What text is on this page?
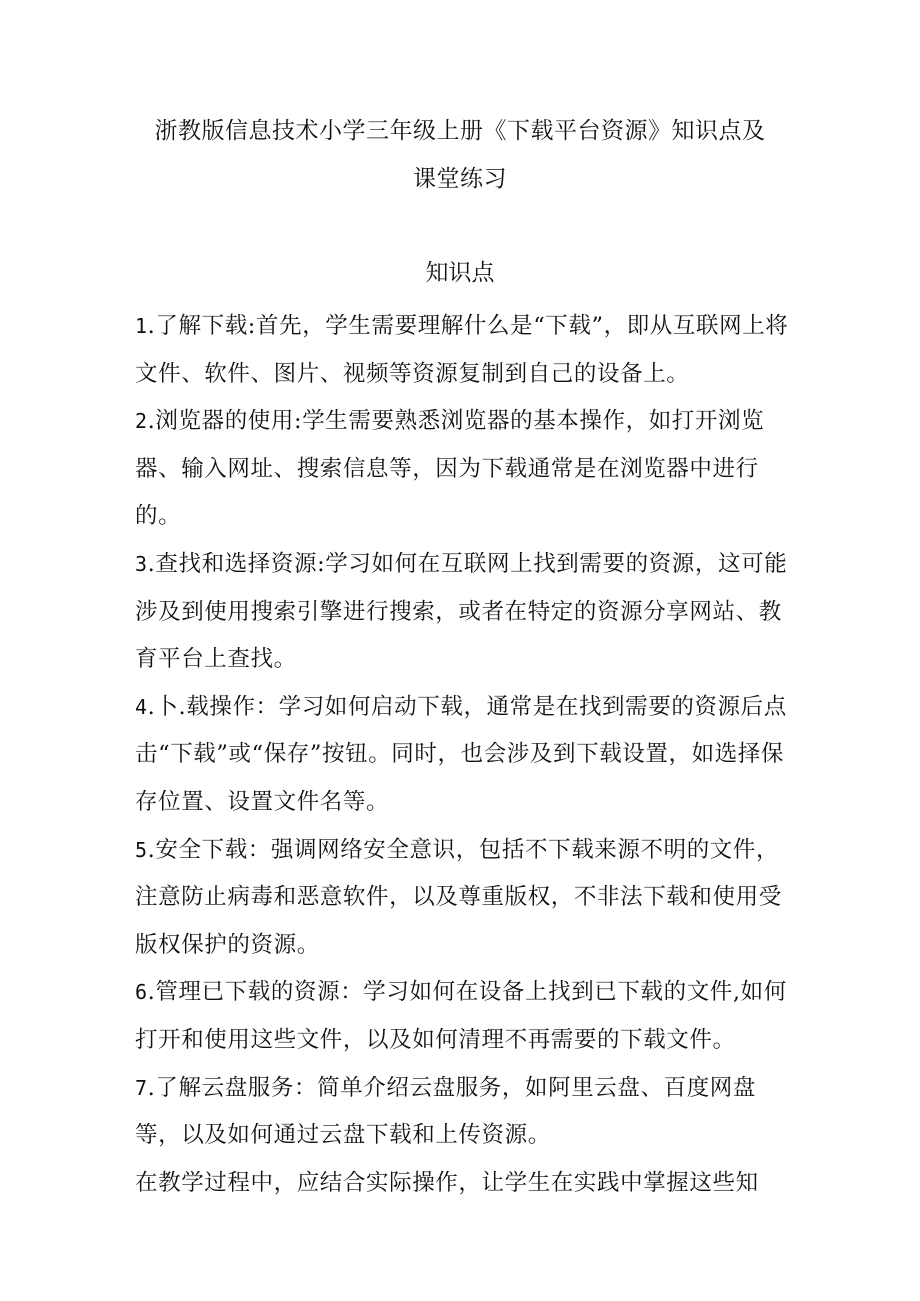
浙教版信息技术小学三年级上册《下载平台资源》知识点及
课堂练习
知识点

1.了解下载:首先，学生需要理解什么是“下载”，即从互联网上将文件、软件、图片、视频等资源复制到自己的设备上。

2.浏览器的使用:学生需要熟悉浏览器的基本操作，如打开浏览器、输入网址、搜索信息等，因为下载通常是在浏览器中进行的。

3.查找和选择资源:学习如何在互联网上找到需要的资源，这可能涉及到使用搜索引擎进行搜索，或者在特定的资源分享网站、教育平台上查找。

4.卜.载操作：学习如何启动下载，通常是在找到需要的资源后点击“下载”或“保存”按钮。同时，也会涉及到下载设置，如选择保存位置、设置文件名等。

5.安全下载：强调网络安全意识，包括不下载来源不明的文件，注意防止病毒和恶意软件，以及尊重版权，不非法下载和使用受版权保护的资源。

6.管理已下载的资源：学习如何在设备上找到已下载的文件,如何打开和使用这些文件，以及如何清理不再需要的下载文件。

7.了解云盘服务：简单介绍云盘服务，如阿里云盘、百度网盘等，以及如何通过云盘下载和上传资源。

在教学过程中，应结合实际操作，让学生在实践中掌握这些知
